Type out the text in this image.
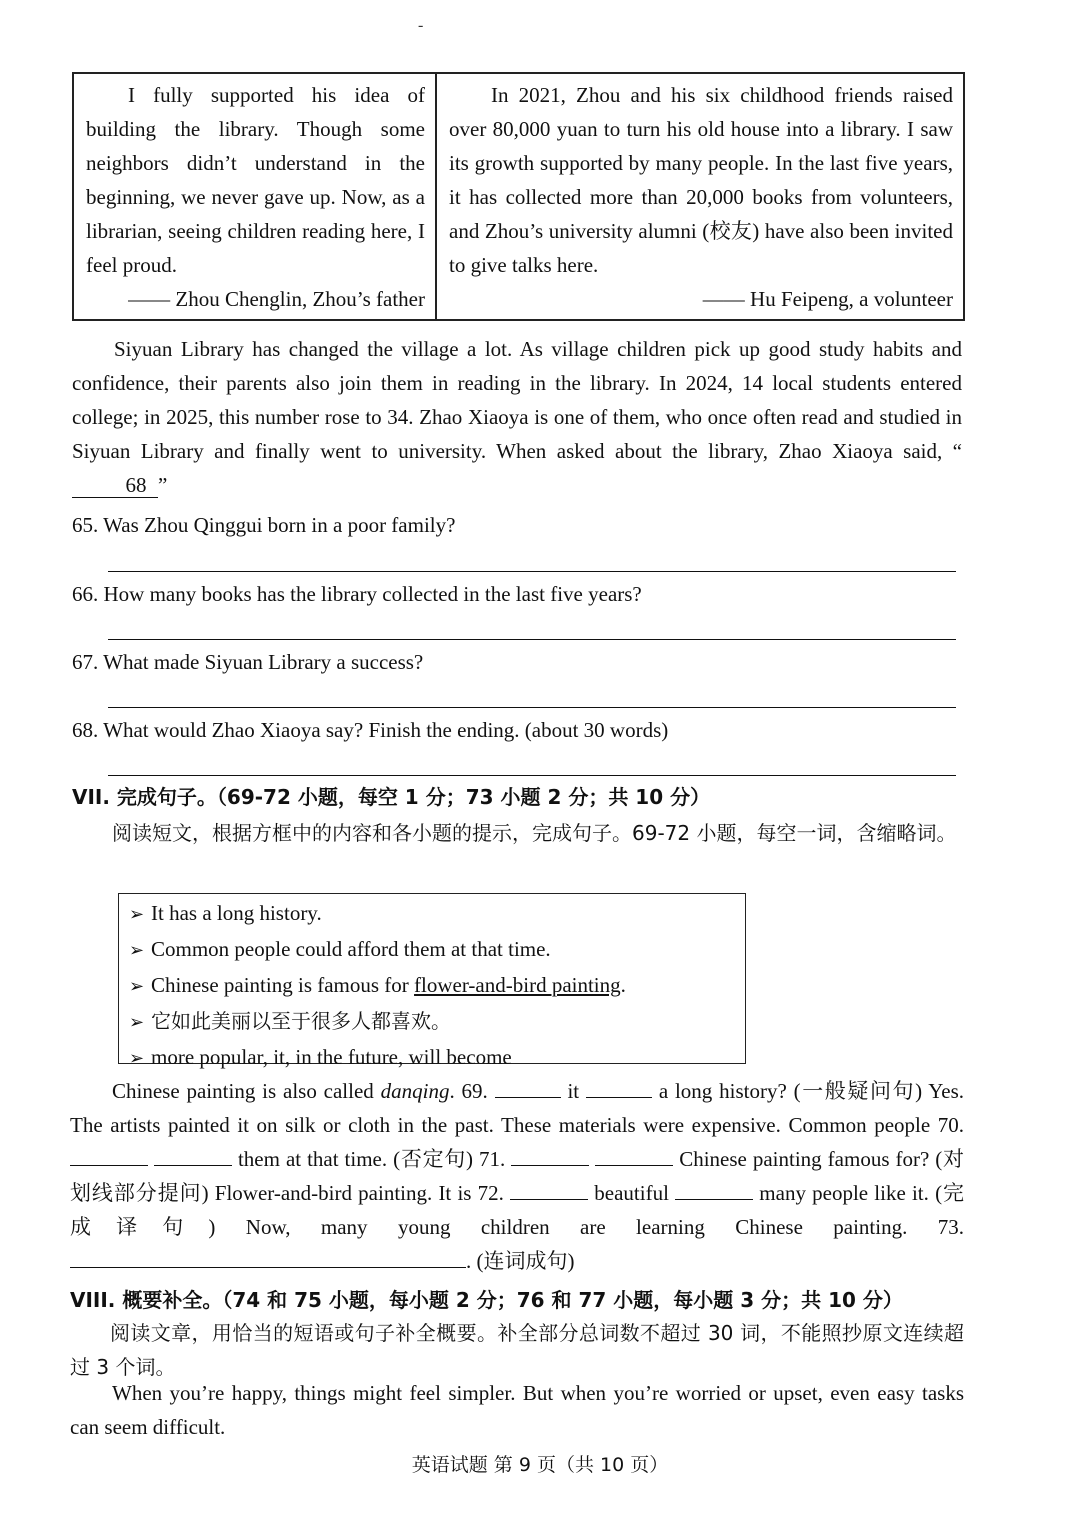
-

I fully supported his idea of building the library. Though some neighbors didn’t understand in the beginning, we never gave up. Now, as a librarian, seeing children reading here, I feel proud.

—— Zhou Chenglin, Zhou’s father

In 2021, Zhou and his six childhood friends raised over 80,000 yuan to turn his old house into a library. I saw its growth supported by many people. In the last five years, it has collected more than 20,000 books from volunteers, and Zhou’s university alumni (校友) have also been invited to give talks here.

—— Hu Feipeng, a volunteer

Siyuan Library has changed the village a lot. As village children pick up good study habits and confidence, their parents also join them in reading in the library. In 2024, 14 local students entered college; in 2025, this number rose to 34. Zhao Xiaoya is one of them, who once often read and studied in Siyuan Library and finally went to university. When asked about the library, Zhao Xiaoya said, “68 ”

65. Was Zhou Qinggui born in a poor family?
66. How many books has the library collected in the last five years?
67. What made Siyuan Library a success?
68. What would Zhao Xiaoya say? Finish the ending. (about 30 words)
VII. 完成句子。（69-72 小题，每空 1 分；73 小题 2 分；共 10 分）

阅读短文，根据方框中的内容和各小题的提示，完成句子。69-72 小题，每空一词，含缩略词。

➢ It has a long history.
➢ Common people could afford them at that time.
➢ Chinese painting is famous for flower-and-bird painting.
➢ 它如此美丽以至于很多人都喜欢。
➢ more popular, it, in the future, will become

Chinese painting is also called danqing. 69.	it	a long history? (一般疑问句) Yes. The artists painted it on silk or cloth in the past. These materials were expensive. Common people 70.   them at that time. (否定句) 71.	Chinese painting famous for? (对划线部分提问) Flower-and-bird painting. It is 72.	beautiful	many people like it. (完成译句) Now, many young children are learning Chinese painting. 73. . (连词成句)

VIII. 概要补全。（74 和 75 小题，每小题 2 分；76 和 77 小题，每小题 3 分；共 10 分）

阅读文章，用恰当的短语或句子补全概要。补全部分总词数不超过 30 词，不能照抄原文连续超过 3 个词。

When you’re happy, things might feel simpler. But when you’re worried or upset, even easy tasks can seem difficult.

英语试题 第 9 页（共 10 页）
